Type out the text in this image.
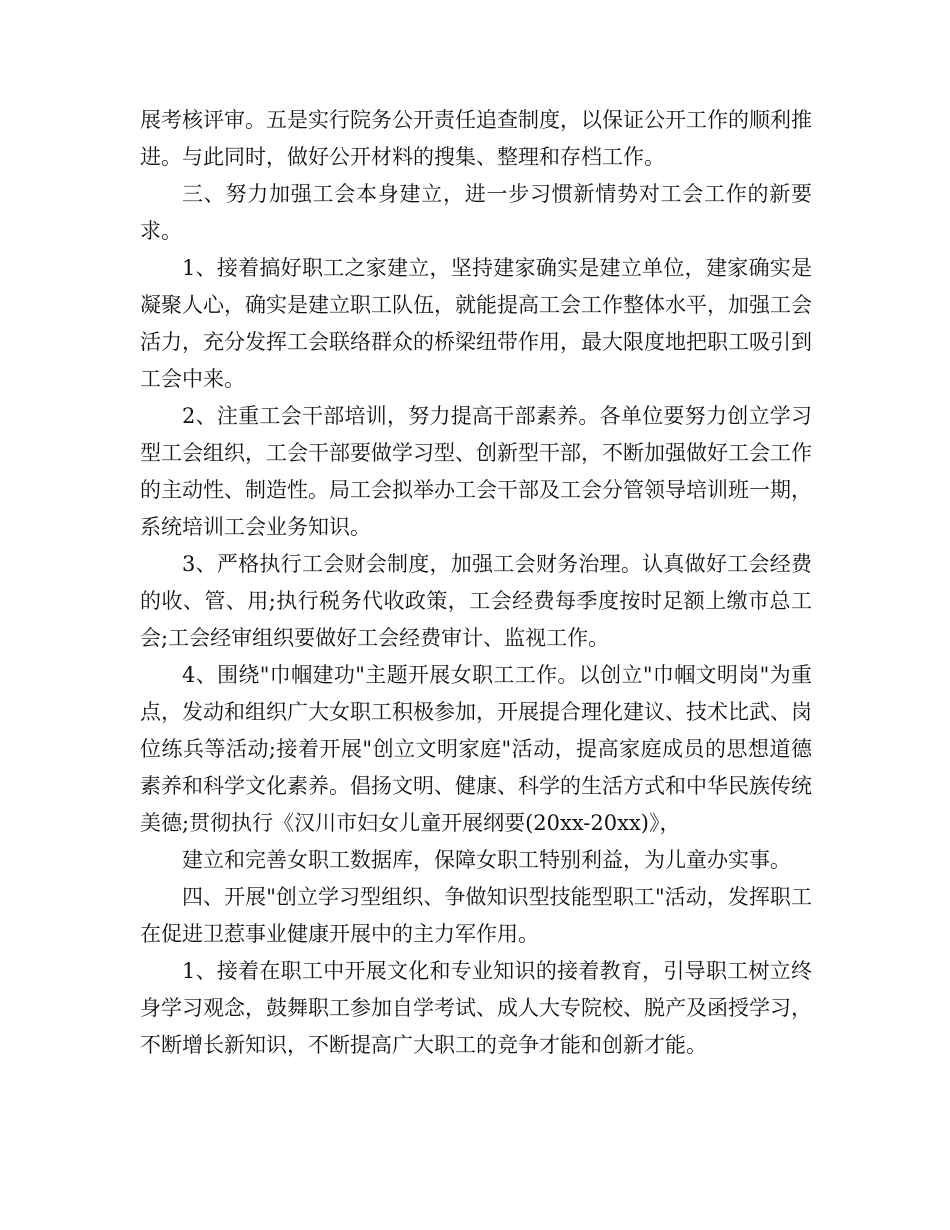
展考核评审。五是实行院务公开责任追查制度，以保证公开工作的顺利推进。与此同时，做好公开材料的搜集、整理和存档工作。

三、努力加强工会本身建立，进一步习惯新情势对工会工作的新要求。

1、接着搞好职工之家建立，坚持建家确实是建立单位，建家确实是凝聚人心，确实是建立职工队伍，就能提高工会工作整体水平，加强工会活力，充分发挥工会联络群众的桥梁纽带作用，最大限度地把职工吸引到工会中来。

2、注重工会干部培训，努力提高干部素养。各单位要努力创立学习型工会组织，工会干部要做学习型、创新型干部，不断加强做好工会工作的主动性、制造性。局工会拟举办工会干部及工会分管领导培训班一期，系统培训工会业务知识。

3、严格执行工会财会制度，加强工会财务治理。认真做好工会经费的收、管、用;执行税务代收政策，工会经费每季度按时足额上缴市总工会;工会经审组织要做好工会经费审计、监视工作。

4、围绕"巾帼建功"主题开展女职工工作。以创立"巾帼文明岗"为重点，发动和组织广大女职工积极参加，开展提合理化建议、技术比武、岗位练兵等活动;接着开展"创立文明家庭"活动，提高家庭成员的思想道德素养和科学文化素养。倡扬文明、健康、科学的生活方式和中华民族传统美德;贯彻执行《汉川市妇女儿童开展纲要(20xx-20xx)》，

建立和完善女职工数据库，保障女职工特别利益，为儿童办实事。

四、开展"创立学习型组织、争做知识型技能型职工"活动，发挥职工在促进卫惹事业健康开展中的主力军作用。

1、接着在职工中开展文化和专业知识的接着教育，引导职工树立终身学习观念，鼓舞职工参加自学考试、成人大专院校、脱产及函授学习，不断增长新知识，不断提高广大职工的竞争才能和创新才能。
